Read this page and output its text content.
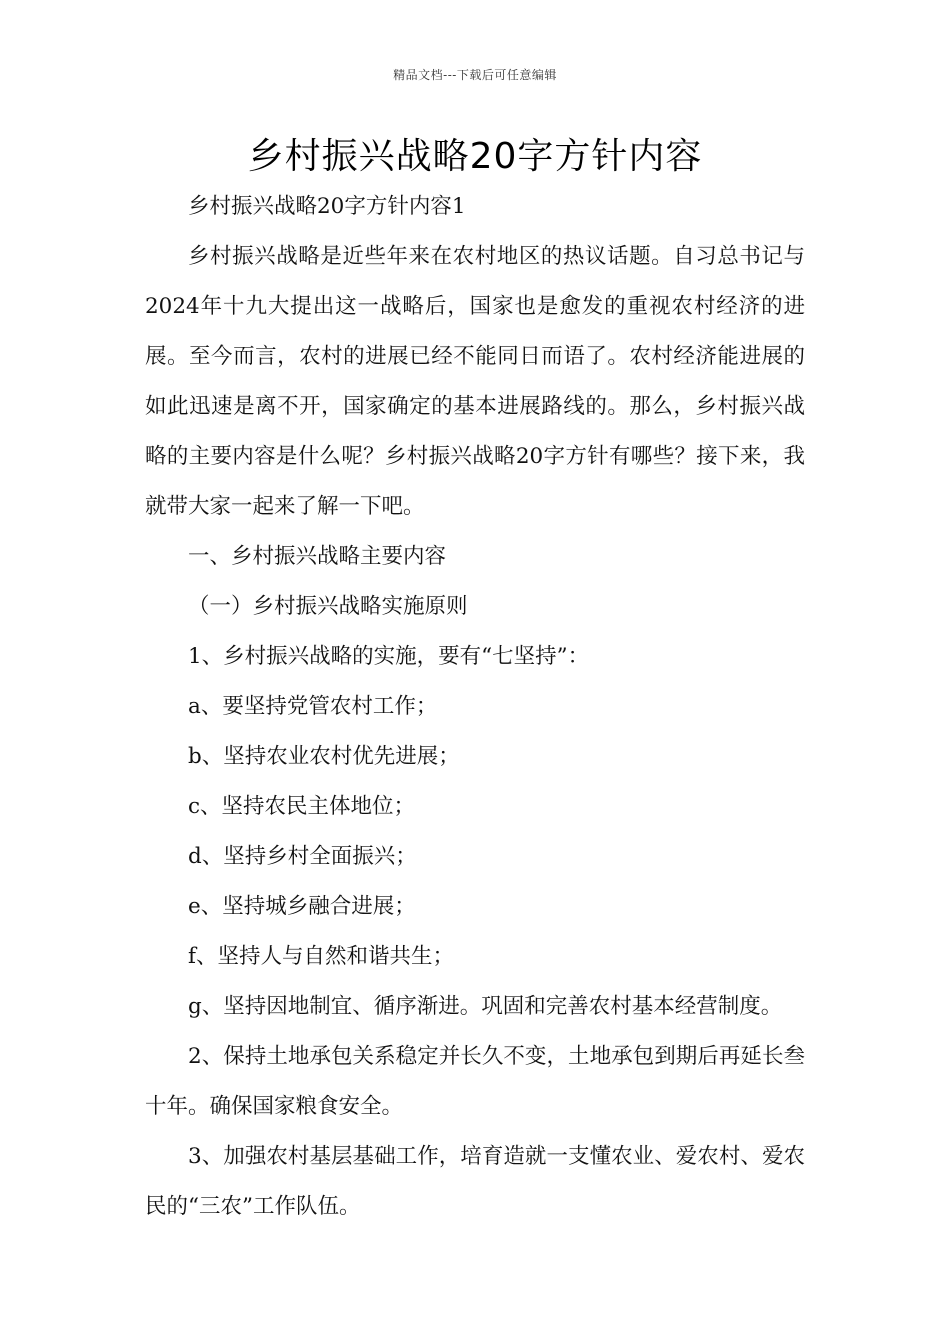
精品文档---下载后可任意编辑
乡村振兴战略20字方针内容

乡村振兴战略20字方针内容1

乡村振兴战略是近些年来在农村地区的热议话题。自习总书记与2024年十九大提出这一战略后，国家也是愈发的重视农村经济的进展。至今而言，农村的进展已经不能同日而语了。农村经济能进展的如此迅速是离不开，国家确定的基本进展路线的。那么，乡村振兴战略的主要内容是什么呢？乡村振兴战略20字方针有哪些？接下来，我就带大家一起来了解一下吧。

一、乡村振兴战略主要内容

（一）乡村振兴战略实施原则

1、乡村振兴战略的实施，要有“七坚持”：

a、要坚持党管农村工作；

b、坚持农业农村优先进展；

c、坚持农民主体地位；

d、坚持乡村全面振兴；

e、坚持城乡融合进展；

f、坚持人与自然和谐共生；

g、坚持因地制宜、循序渐进。巩固和完善农村基本经营制度。

2、保持土地承包关系稳定并长久不变，土地承包到期后再延长叁十年。确保国家粮食安全。

3、加强农村基层基础工作，培育造就一支懂农业、爱农村、爱农民的“三农”工作队伍。
